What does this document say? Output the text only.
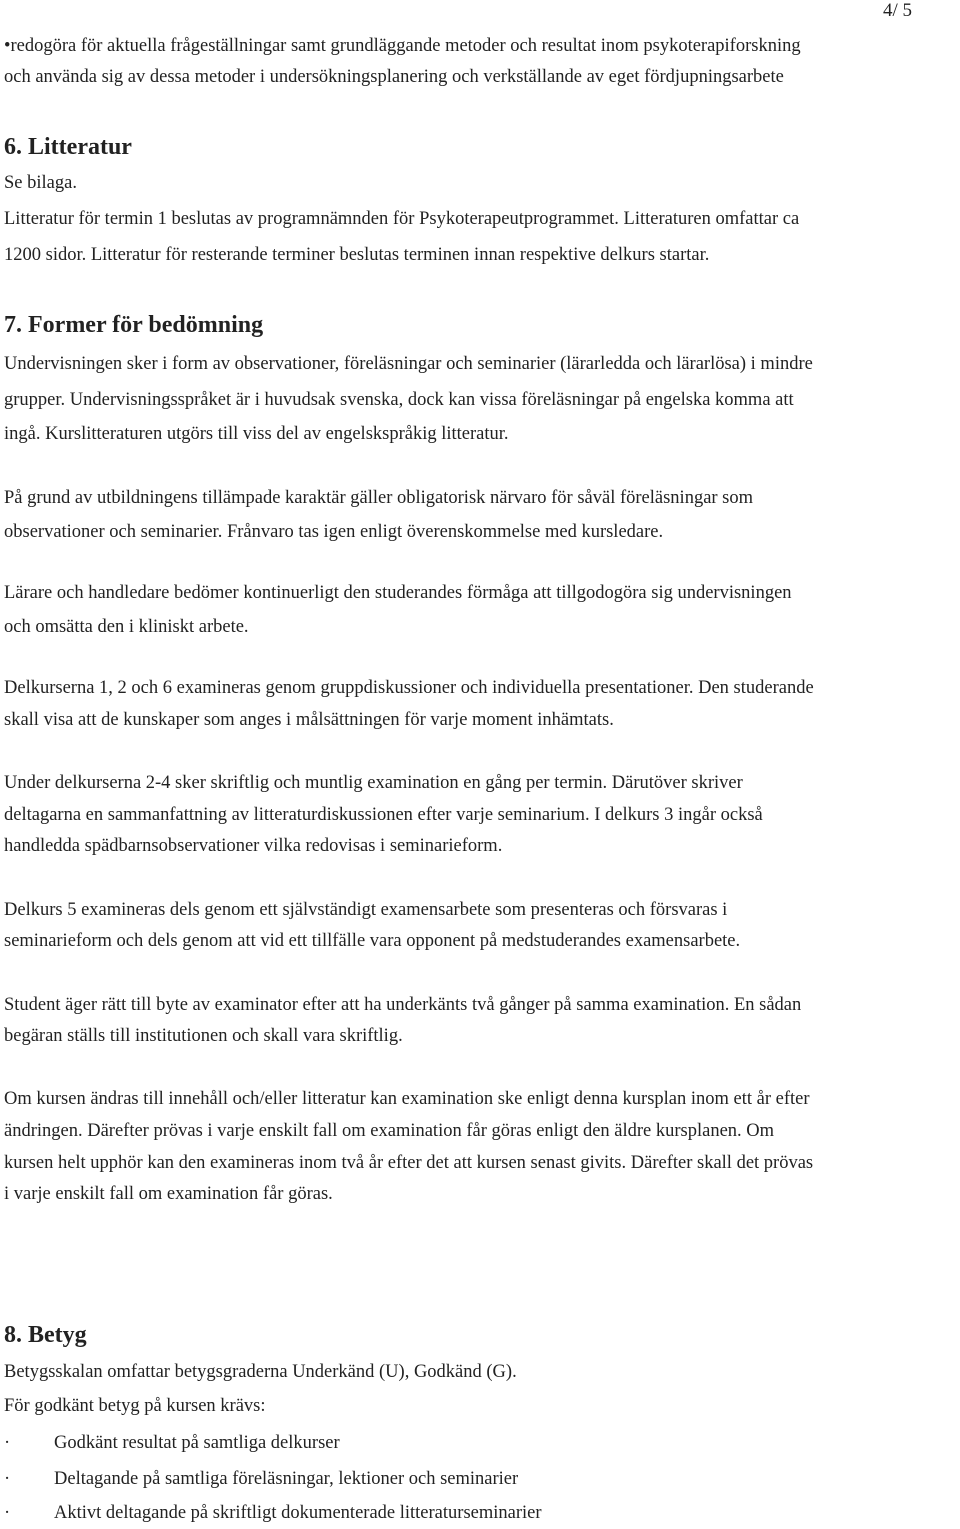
4/ 5
•redogöra för aktuella frågeställningar samt grundläggande metoder och resultat inom psykoterapiforskning
och använda sig av dessa metoder i undersökningsplanering och verkställande av eget fördjupningsarbete
6. Litteratur
Se bilaga.
Litteratur för termin 1 beslutas av programnämnden för Psykoterapeutprogrammet. Litteraturen omfattar ca
1200 sidor. Litteratur för resterande terminer beslutas terminen innan respektive delkurs startar.
7. Former för bedömning
Undervisningen sker i form av observationer, föreläsningar och seminarier (lärarledda och lärarlösa) i mindre
grupper. Undervisningsspråket är i huvudsak svenska, dock kan vissa föreläsningar på engelska komma att
ingå. Kurslitteraturen utgörs till viss del av engelskspråkig litteratur.
På grund av utbildningens tillämpade karaktär gäller obligatorisk närvaro för såväl föreläsningar som
observationer och seminarier. Frånvaro tas igen enligt överenskommelse med kursledare.
Lärare och handledare bedömer kontinuerligt den studerandes förmåga att tillgodogöra sig undervisningen
och omsätta den i kliniskt arbete.
Delkurserna 1, 2 och 6 examineras genom gruppdiskussioner och individuella presentationer. Den studerande
skall visa att de kunskaper som anges i målsättningen för varje moment inhämtats.
Under delkurserna 2-4 sker skriftlig och muntlig examination en gång per termin. Därutöver skriver
deltagarna en sammanfattning av litteraturdiskussionen efter varje seminarium. I delkurs 3 ingår också
handledda spädbarnsobservationer vilka redovisas i seminarieform.
Delkurs 5 examineras dels genom ett självständigt examensarbete som presenteras och försvaras i
seminarieform och dels genom att vid ett tillfälle vara opponent på medstuderandes examensarbete.
Student äger rätt till byte av examinator efter att ha underkänts två gånger på samma examination. En sådan
begäran ställs till institutionen och skall vara skriftlig.
Om kursen ändras till innehåll och/eller litteratur kan examination ske enligt denna kursplan inom ett år efter
ändringen. Därefter prövas i varje enskilt fall om examination får göras enligt den äldre kursplanen. Om
kursen helt upphör kan den examineras inom två år efter det att kursen senast givits. Därefter skall det prövas
i varje enskilt fall om examination får göras.
8. Betyg
Betygsskalan omfattar betygsgraderna Underkänd (U), Godkänd (G).
För godkänt betyg på kursen krävs:
· Godkänt resultat på samtliga delkurser
· Deltagande på samtliga föreläsningar, lektioner och seminarier
· Aktivt deltagande på skriftligt dokumenterade litteraturseminarier
